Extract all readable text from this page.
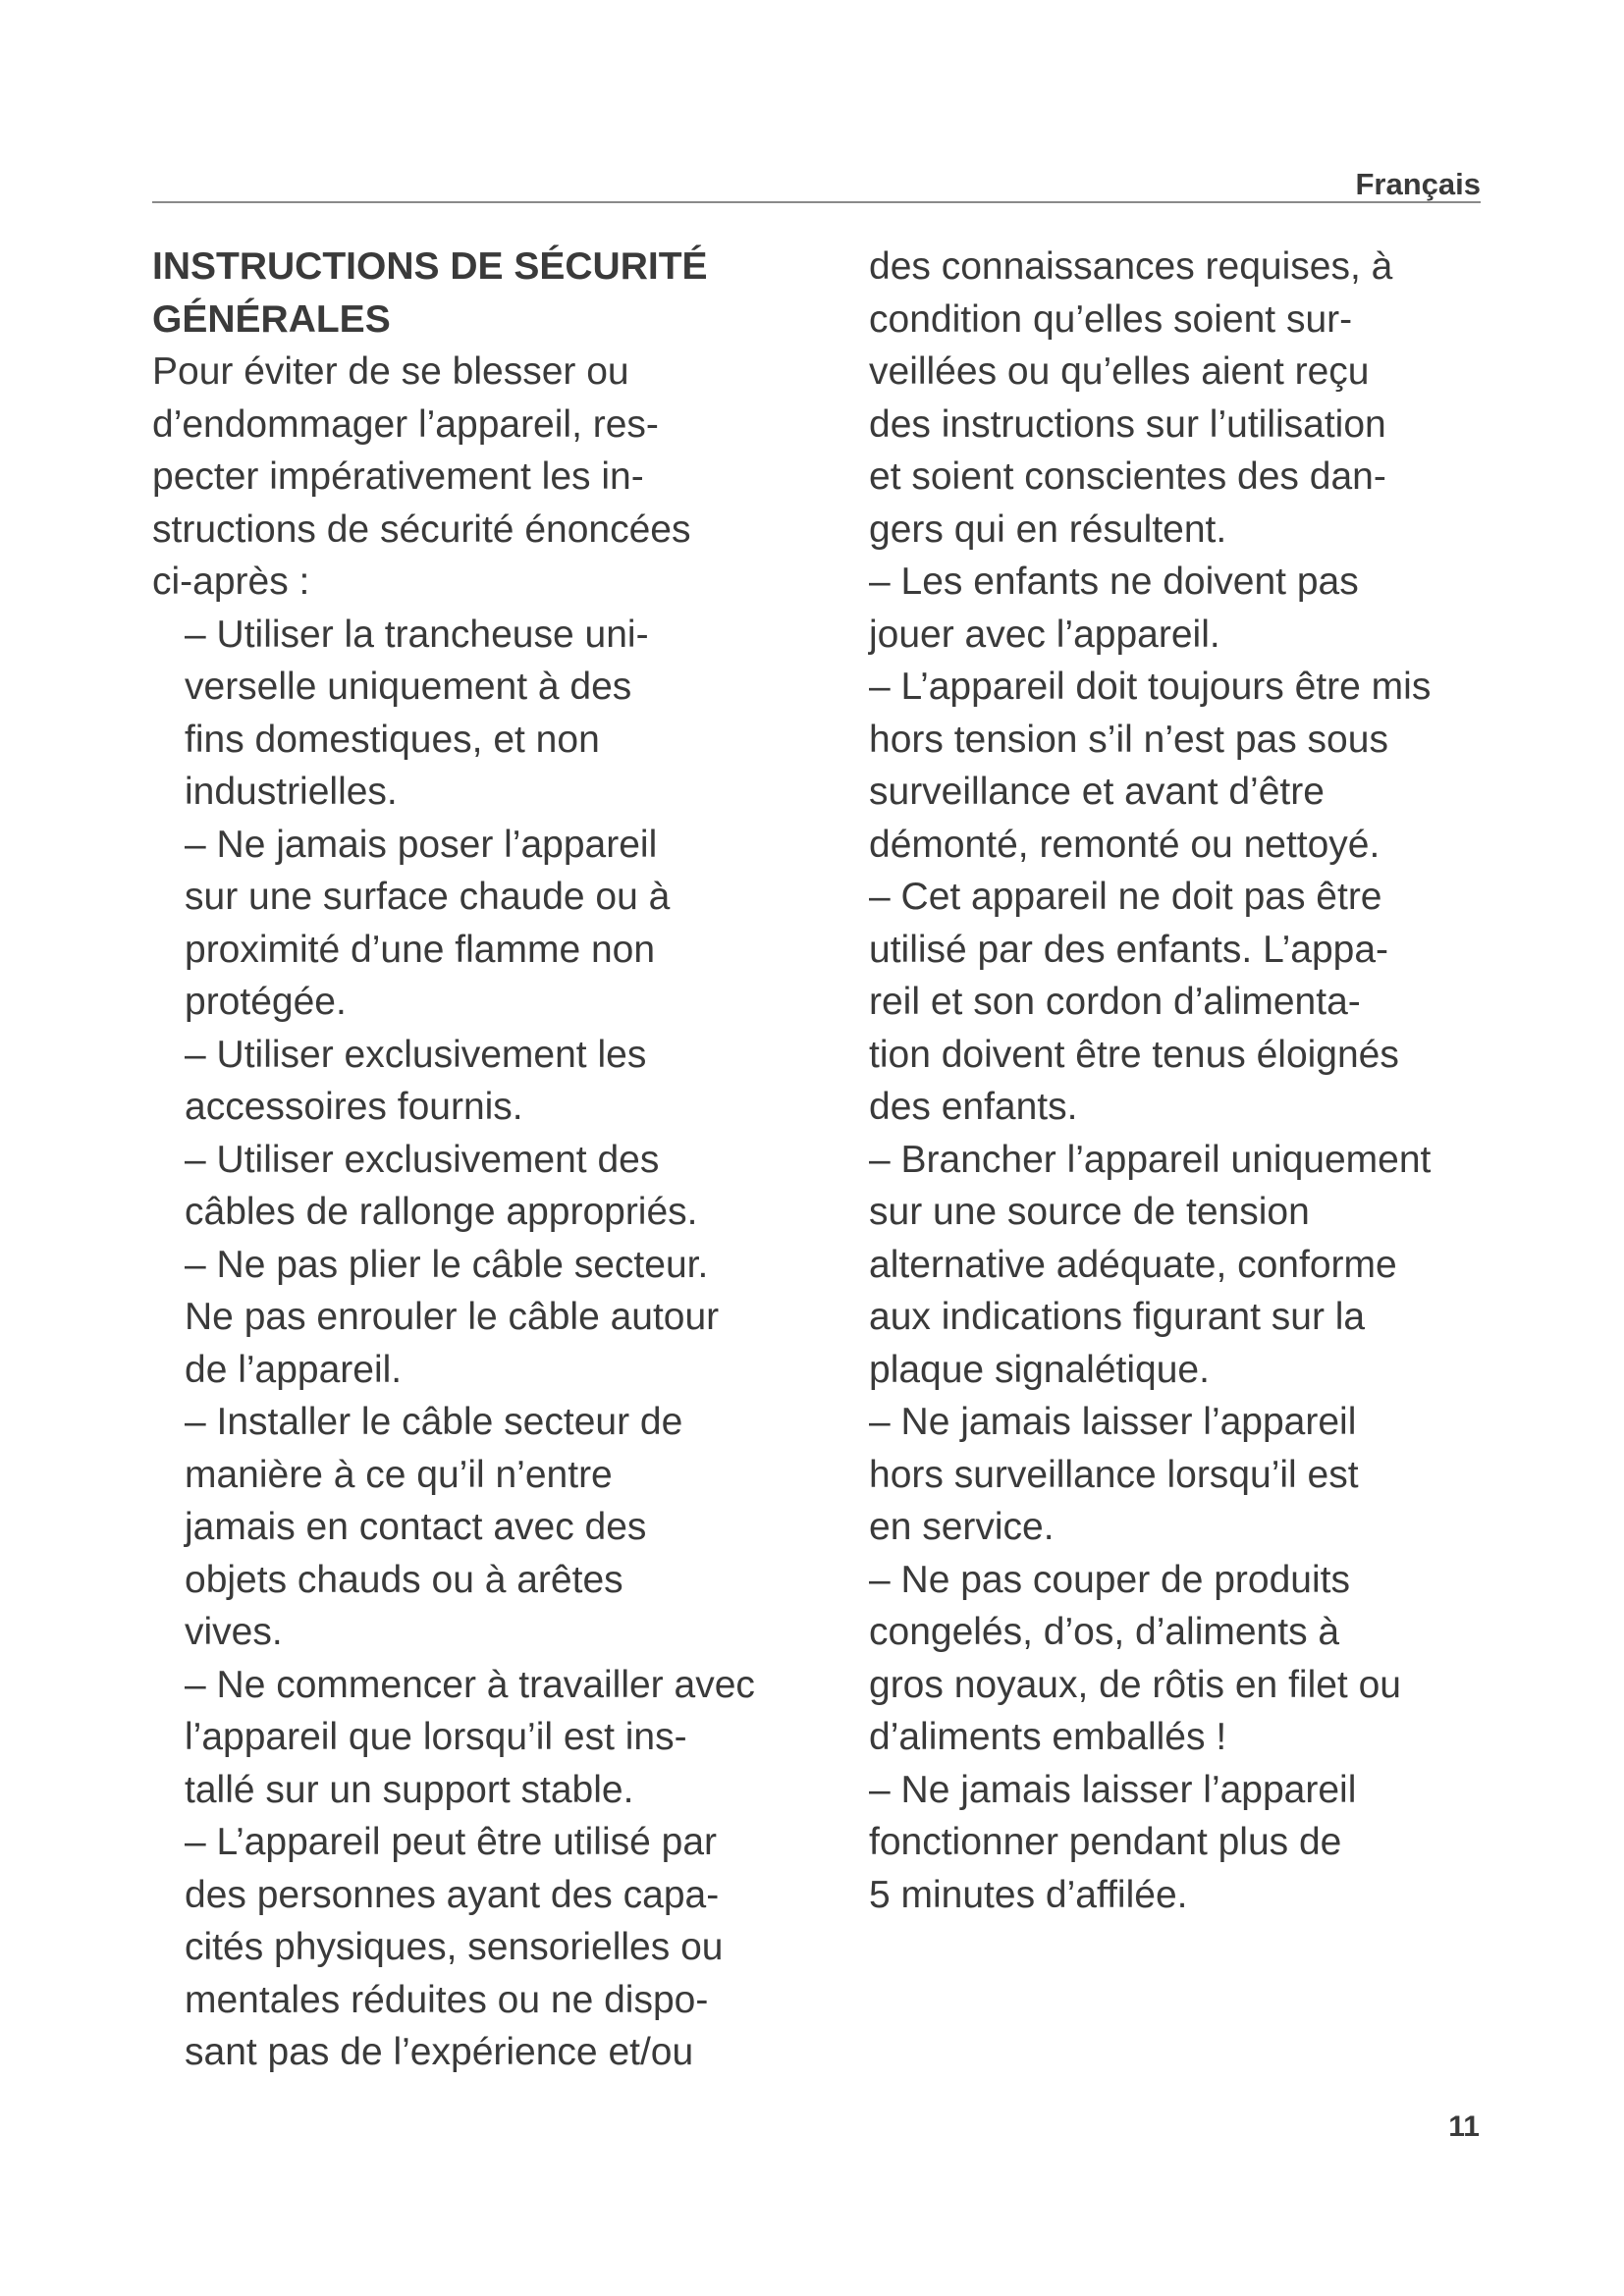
Français
INSTRUCTIONS DE SÉCURITÉ
GÉNÉRALES
Pour éviter de se blesser ou
d’endommager l’appareil, res-
pecter impérativement les in-
structions de sécurité énoncées
ci-après :
– Utiliser la trancheuse uni-
verselle uniquement à des
fins domestiques, et non
industrielles.
– Ne jamais poser l’appareil
sur une surface chaude ou à
proximité d’une flamme non
protégée.
– Utiliser exclusivement les
accessoires fournis.
– Utiliser exclusivement des
câbles de rallonge appropriés.
– Ne pas plier le câble secteur.
Ne pas enrouler le câble autour
de l’appareil.
– Installer le câble secteur de
manière à ce qu’il n’entre
jamais en contact avec des
objets chauds ou à arêtes
vives.
– Ne commencer à travailler avec
l’appareil que lorsqu’il est ins-
tallé sur un support stable.
– L’appareil peut être utilisé par
des personnes ayant des capa-
cités physiques, sensorielles ou
mentales réduites ou ne dispo-
sant pas de l’expérience et/ou
des connaissances requises, à
condition qu’elles soient sur-
veillées ou qu’elles aient reçu
des instructions sur l’utilisation
et soient conscientes des dan-
gers qui en résultent.
– Les enfants ne doivent pas
jouer avec l’appareil.
– L’appareil doit toujours être mis
hors tension s’il n’est pas sous
surveillance et avant d’être
démonté, remonté ou nettoyé.
– Cet appareil ne doit pas être
utilisé par des enfants. L’appa-
reil et son cordon d’alimenta-
tion doivent être tenus éloignés
des enfants.
– Brancher l’appareil uniquement
sur une source de tension
alternative adéquate, conforme
aux indications figurant sur la
plaque signalétique.
– Ne jamais laisser l’appareil
hors surveillance lorsqu’il est
en service.
– Ne pas couper de produits
congelés, d’os, d’aliments à
gros noyaux, de rôtis en filet ou
d’aliments emballés !
– Ne jamais laisser l’appareil
fonctionner pendant plus de
5 minutes d’affilée.
11
